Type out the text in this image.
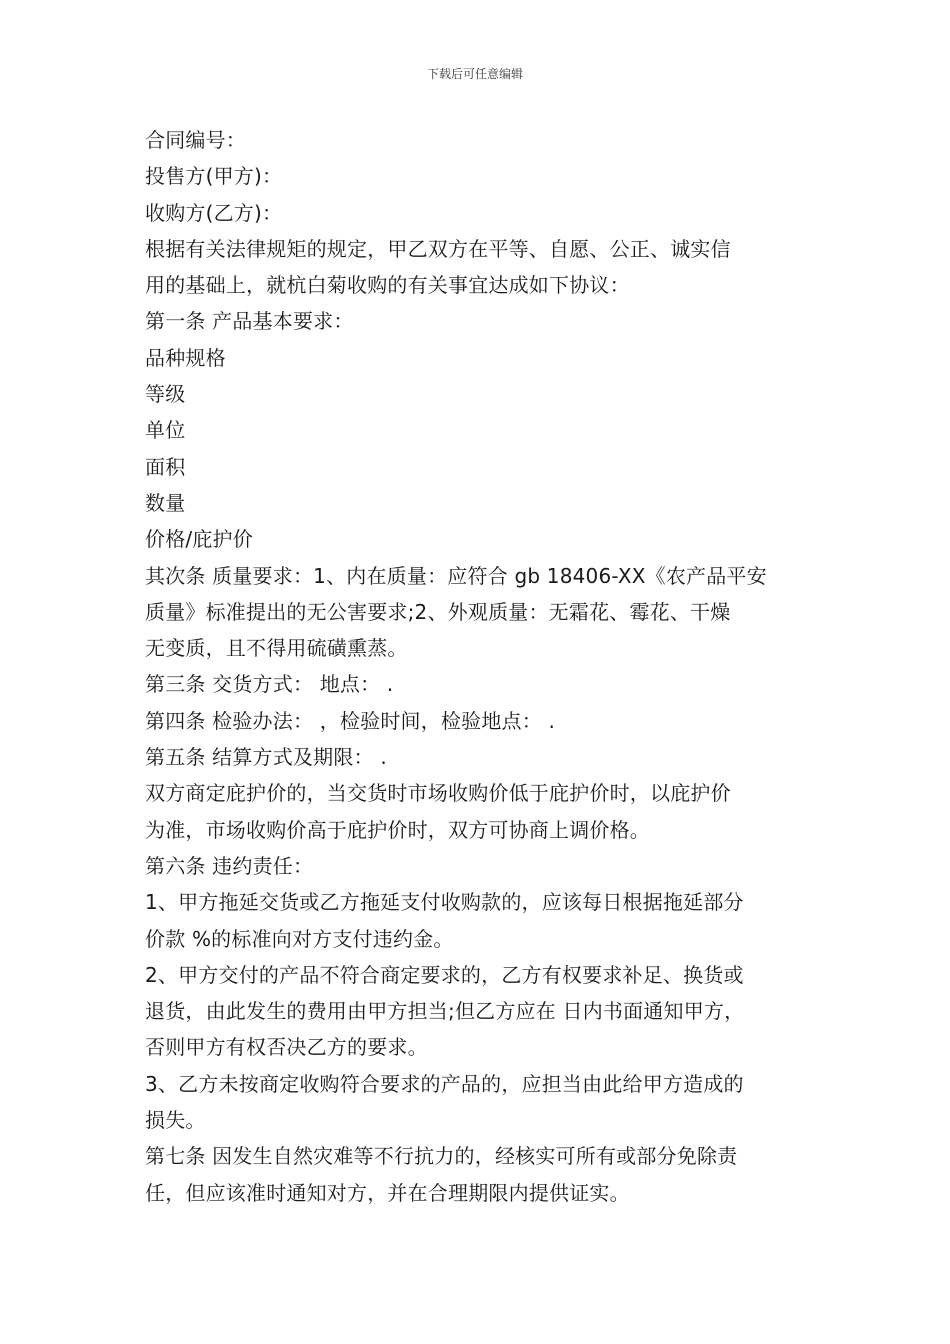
下载后可任意编辑
合同编号：
投售方(甲方)：
收购方(乙方)：
根据有关法律规矩的规定，甲乙双方在平等、自愿、公正、诚实信
用的基础上，就杭白菊收购的有关事宜达成如下协议：
第一条 产品基本要求：
品种规格
等级
单位
面积
数量
价格/庇护价
其次条 质量要求：1、内在质量：应符合 gb 18406-XX《农产品平安
质量》标准提出的无公害要求;2、外观质量：无霜花、霉花、干燥
无变质，且不得用硫磺熏蒸。
第三条 交货方式： 地点： .
第四条 检验办法： ，检验时间，检验地点： .
第五条 结算方式及期限： .
双方商定庇护价的，当交货时市场收购价低于庇护价时，以庇护价
为准，市场收购价高于庇护价时，双方可协商上调价格。
第六条 违约责任：
1、甲方拖延交货或乙方拖延支付收购款的，应该每日根据拖延部分
价款 %的标准向对方支付违约金。
2、甲方交付的产品不符合商定要求的，乙方有权要求补足、换货或
退货，由此发生的费用由甲方担当;但乙方应在 日内书面通知甲方，
否则甲方有权否决乙方的要求。
3、乙方未按商定收购符合要求的产品的，应担当由此给甲方造成的
损失。
第七条 因发生自然灾难等不行抗力的，经核实可所有或部分免除责
任，但应该准时通知对方，并在合理期限内提供证实。
